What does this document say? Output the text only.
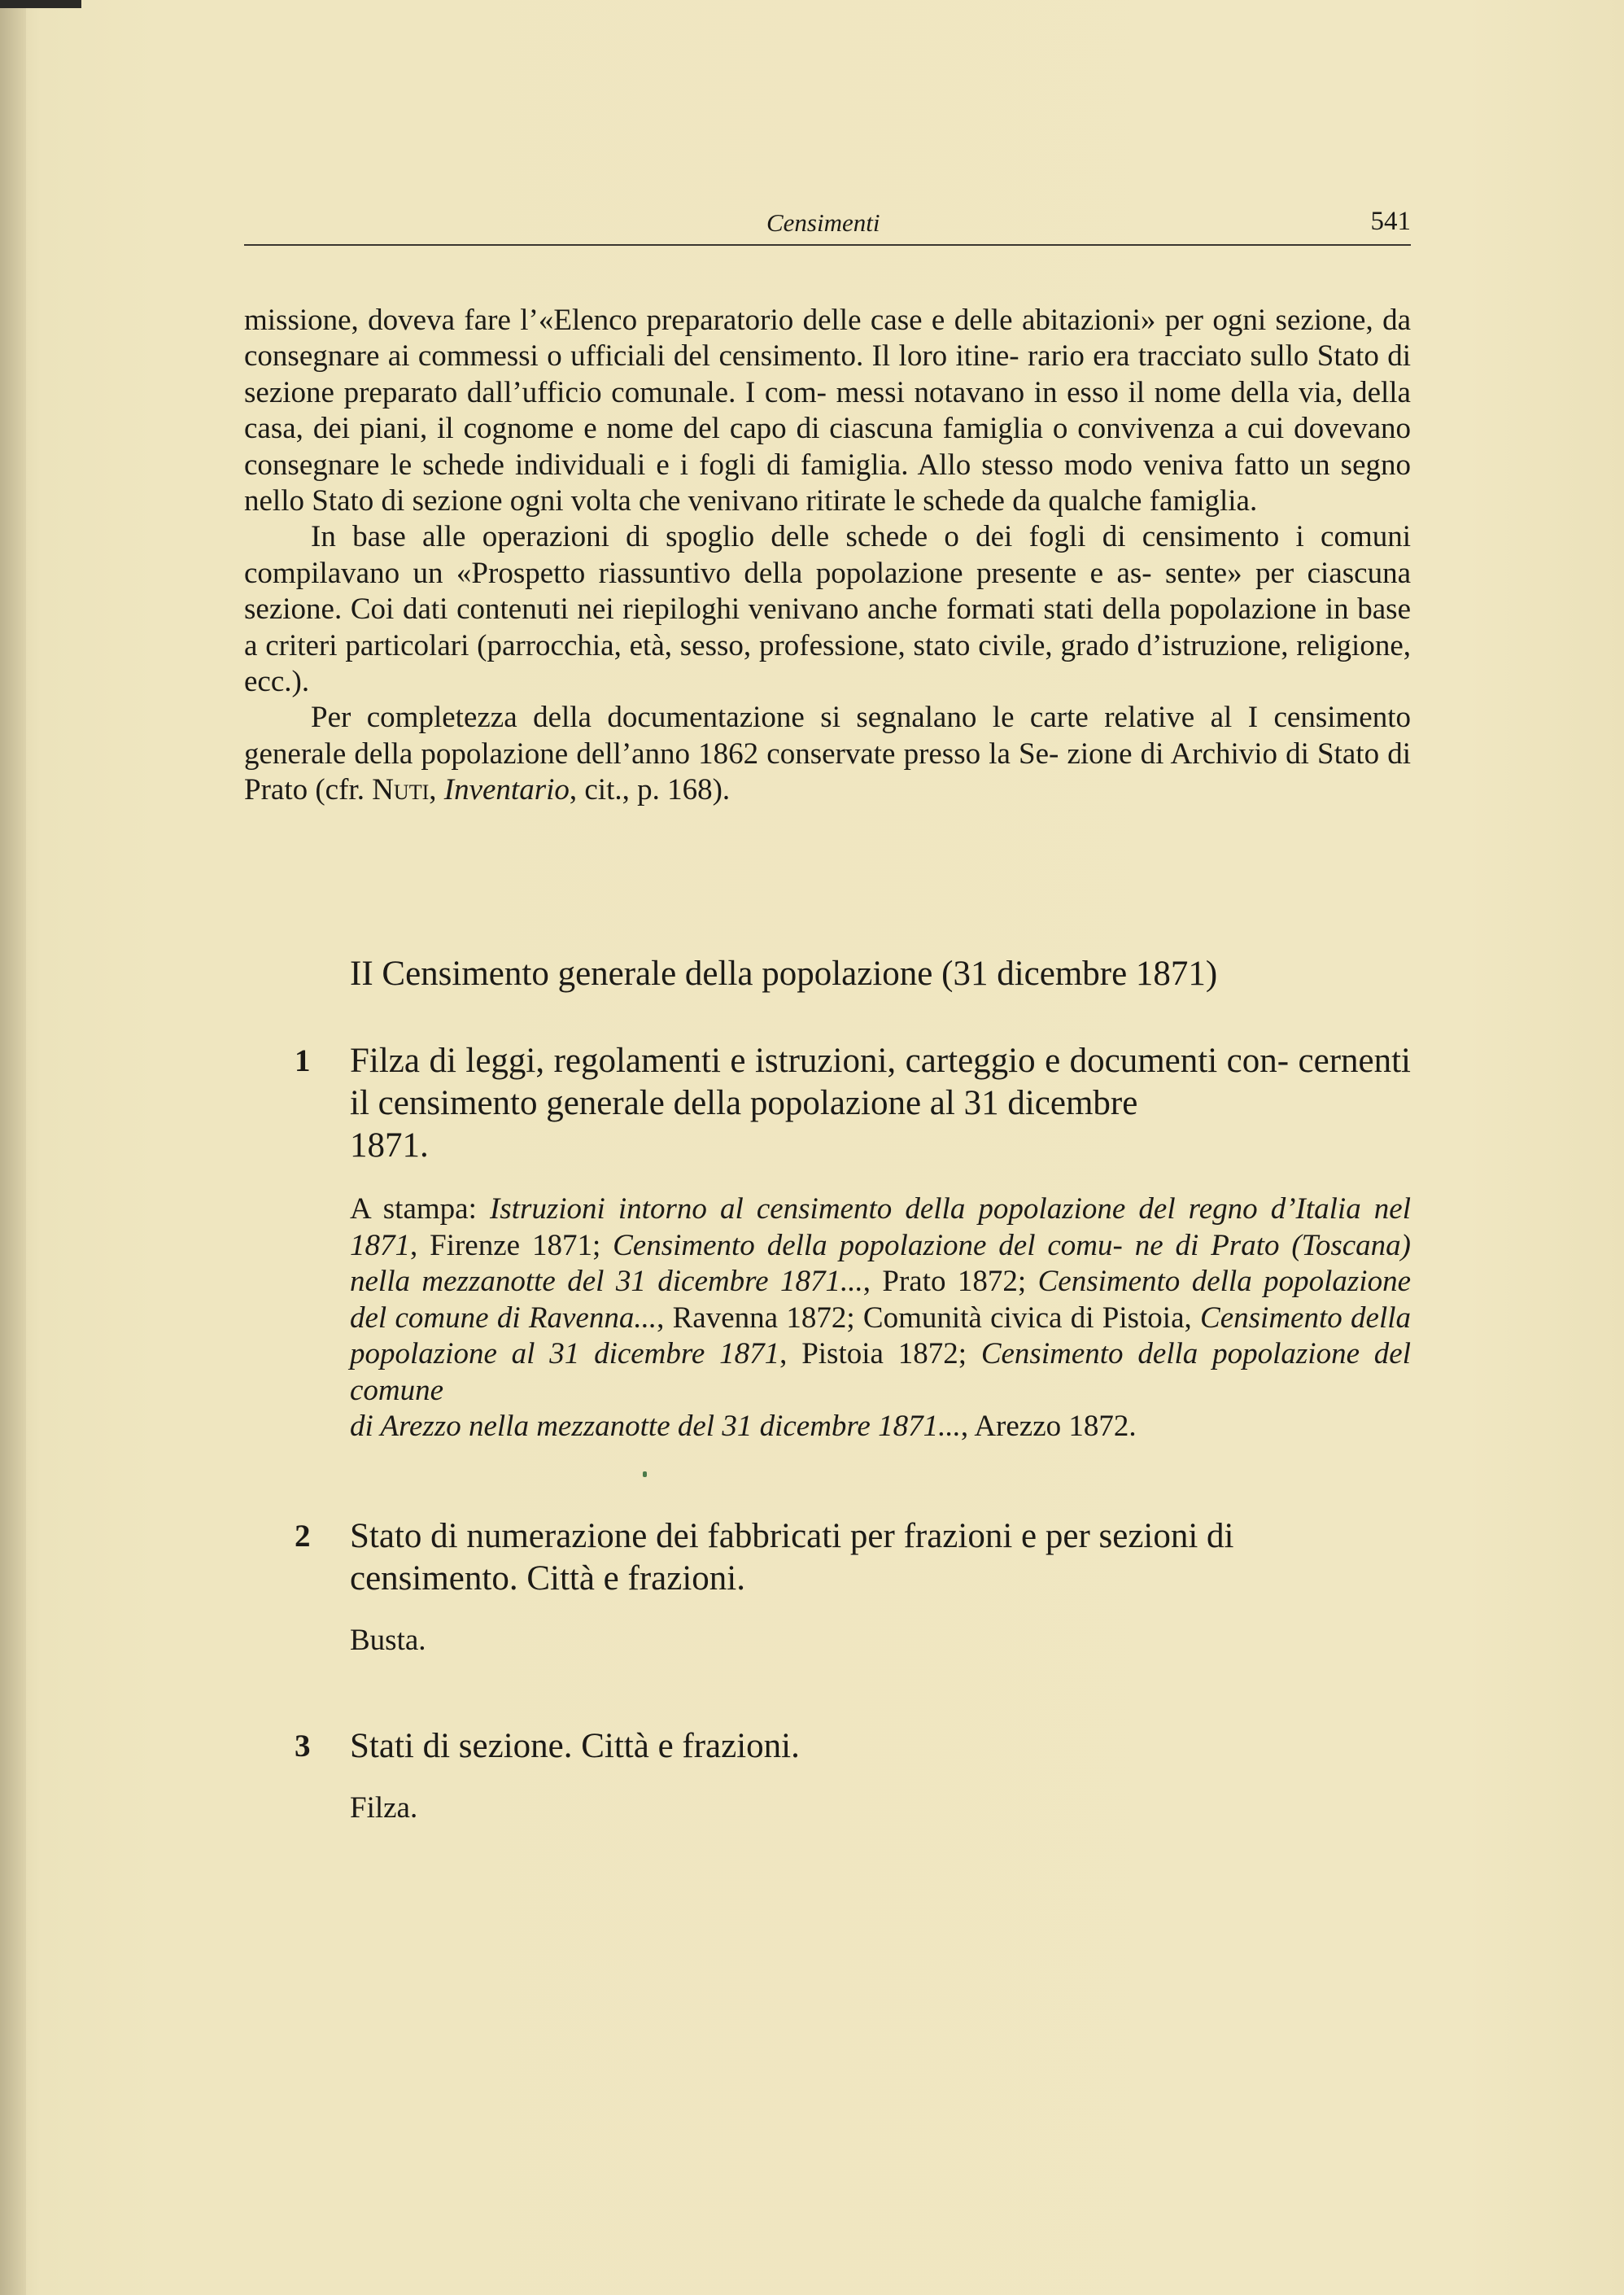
Censimenti	541

missione, doveva fare l’«Elenco preparatorio delle case e delle abitazioni» per ogni sezione, da consegnare ai commessi o ufficiali del censimento. Il loro itine- rario era tracciato sullo Stato di sezione preparato dall’ufficio comunale. I com- messi notavano in esso il nome della via, della casa, dei piani, il cognome e nome del capo di ciascuna famiglia o convivenza a cui dovevano consegnare le schede individuali e i fogli di famiglia. Allo stesso modo veniva fatto un segno nello Stato di sezione ogni volta che venivano ritirate le schede da qualche famiglia.

In base alle operazioni di spoglio delle schede o dei fogli di censimento i comuni compilavano un «Prospetto riassuntivo della popolazione presente e as- sente» per ciascuna sezione. Coi dati contenuti nei riepiloghi venivano anche formati stati della popolazione in base a criteri particolari (parrocchia, età, sesso, professione, stato civile, grado d’istruzione, religione, ecc.).

Per completezza della documentazione si segnalano le carte relative al I censimento generale della popolazione dell’anno 1862 conservate presso la Se- zione di Archivio di Stato di Prato (cfr. Nuti, Inventario, cit., p. 168).

II Censimento generale della popolazione (31 dicembre 1871)
1 Filza di leggi, regolamenti e istruzioni, carteggio e documenti con- cernenti il censimento generale della popolazione al 31 dicembre
1871.

A stampa: Istruzioni intorno al censimento della popolazione del regno d’Italia nel 1871, Firenze 1871; Censimento della popolazione del comu- ne di Prato (Toscana) nella mezzanotte del 31 dicembre 1871..., Prato 1872; Censimento della popolazione del comune di Ravenna..., Ravenna 1872; Comunità civica di Pistoia, Censimento della popolazione al 31 dicembre 1871, Pistoia 1872; Censimento della popolazione del comune
di Arezzo nella mezzanotte del 31 dicembre 1871..., Arezzo 1872.

2 Stato di numerazione dei fabbricati per frazioni e per sezioni di
censimento. Città e frazioni.

Busta.

3 Stati di sezione. Città e frazioni.

Filza.
